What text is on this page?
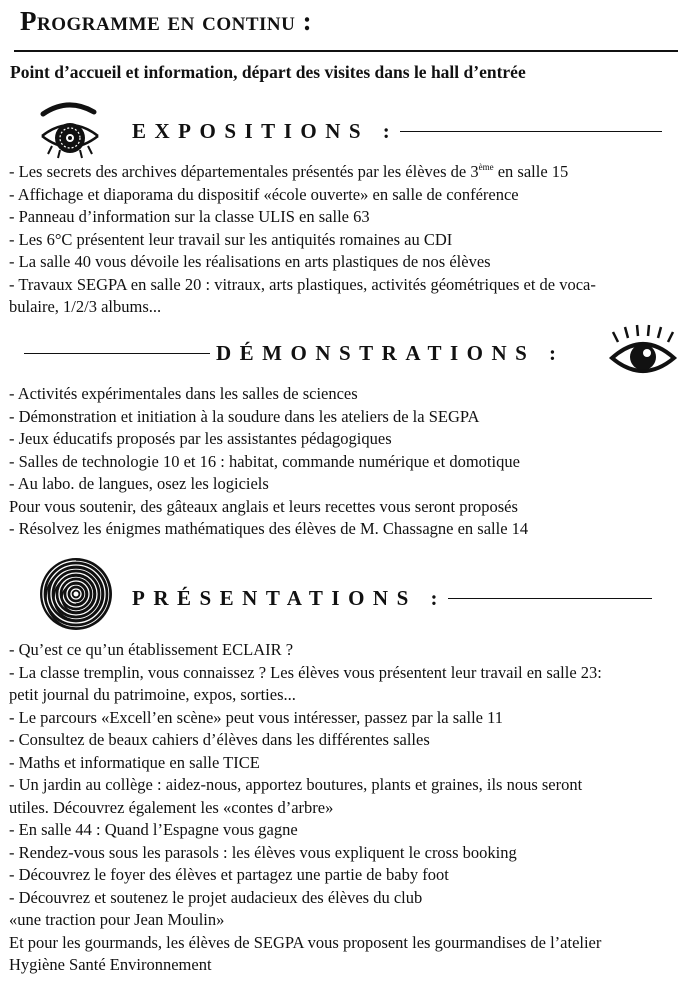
Programme en continu :

Point d’accueil et information, départ des visites dans le hall d’entrée

EXPOSITIONS :
- Les secrets des archives départementales présentés par les élèves de 3ème en salle 15
- Affichage et diaporama du dispositif «école ouverte» en salle de conférence
- Panneau d’information sur la classe ULIS en salle 63
- Les 6°C présentent leur travail sur les antiquités romaines au CDI
- La salle 40 vous dévoile les réalisations en arts plastiques de nos élèves
- Travaux SEGPA en salle 20 : vitraux, arts plastiques, activités géométriques et de voca-
bulaire, 1/2/3 albums...
DÉMONSTRATIONS :
- Activités expérimentales dans les salles de sciences
- Démonstration et initiation à la soudure dans les ateliers de la SEGPA
- Jeux éducatifs proposés par les assistantes pédagogiques
- Salles de technologie 10 et 16 : habitat, commande numérique et domotique
- Au labo. de langues, osez les logiciels
Pour vous soutenir, des gâteaux anglais et leurs recettes vous seront proposés
- Résolvez les énigmes mathématiques des élèves de M. Chassagne en salle 14
PRÉSENTATIONS :
- Qu’est ce qu’un établissement ECLAIR ?
- La classe tremplin, vous connaissez ? Les élèves vous présentent leur travail en salle 23:
petit journal du patrimoine, expos, sorties...
- Le parcours «Excell’en scène» peut vous intéresser, passez par la salle 11
- Consultez de beaux cahiers d’élèves dans les différentes salles
- Maths et informatique en salle TICE
- Un jardin au collège : aidez-nous, apportez boutures, plants et graines, ils nous seront
utiles. Découvrez également les «contes d’arbre»
- En salle 44 : Quand l’Espagne vous gagne
- Rendez-vous sous les parasols : les élèves vous expliquent le cross booking
- Découvrez le foyer des élèves et partagez une partie de baby foot
- Découvrez et soutenez le projet audacieux des élèves du club
«une traction pour Jean Moulin»
Et pour les gourmands, les élèves de SEGPA vous proposent les gourmandises de l’atelier
Hygiène Santé Environnement
